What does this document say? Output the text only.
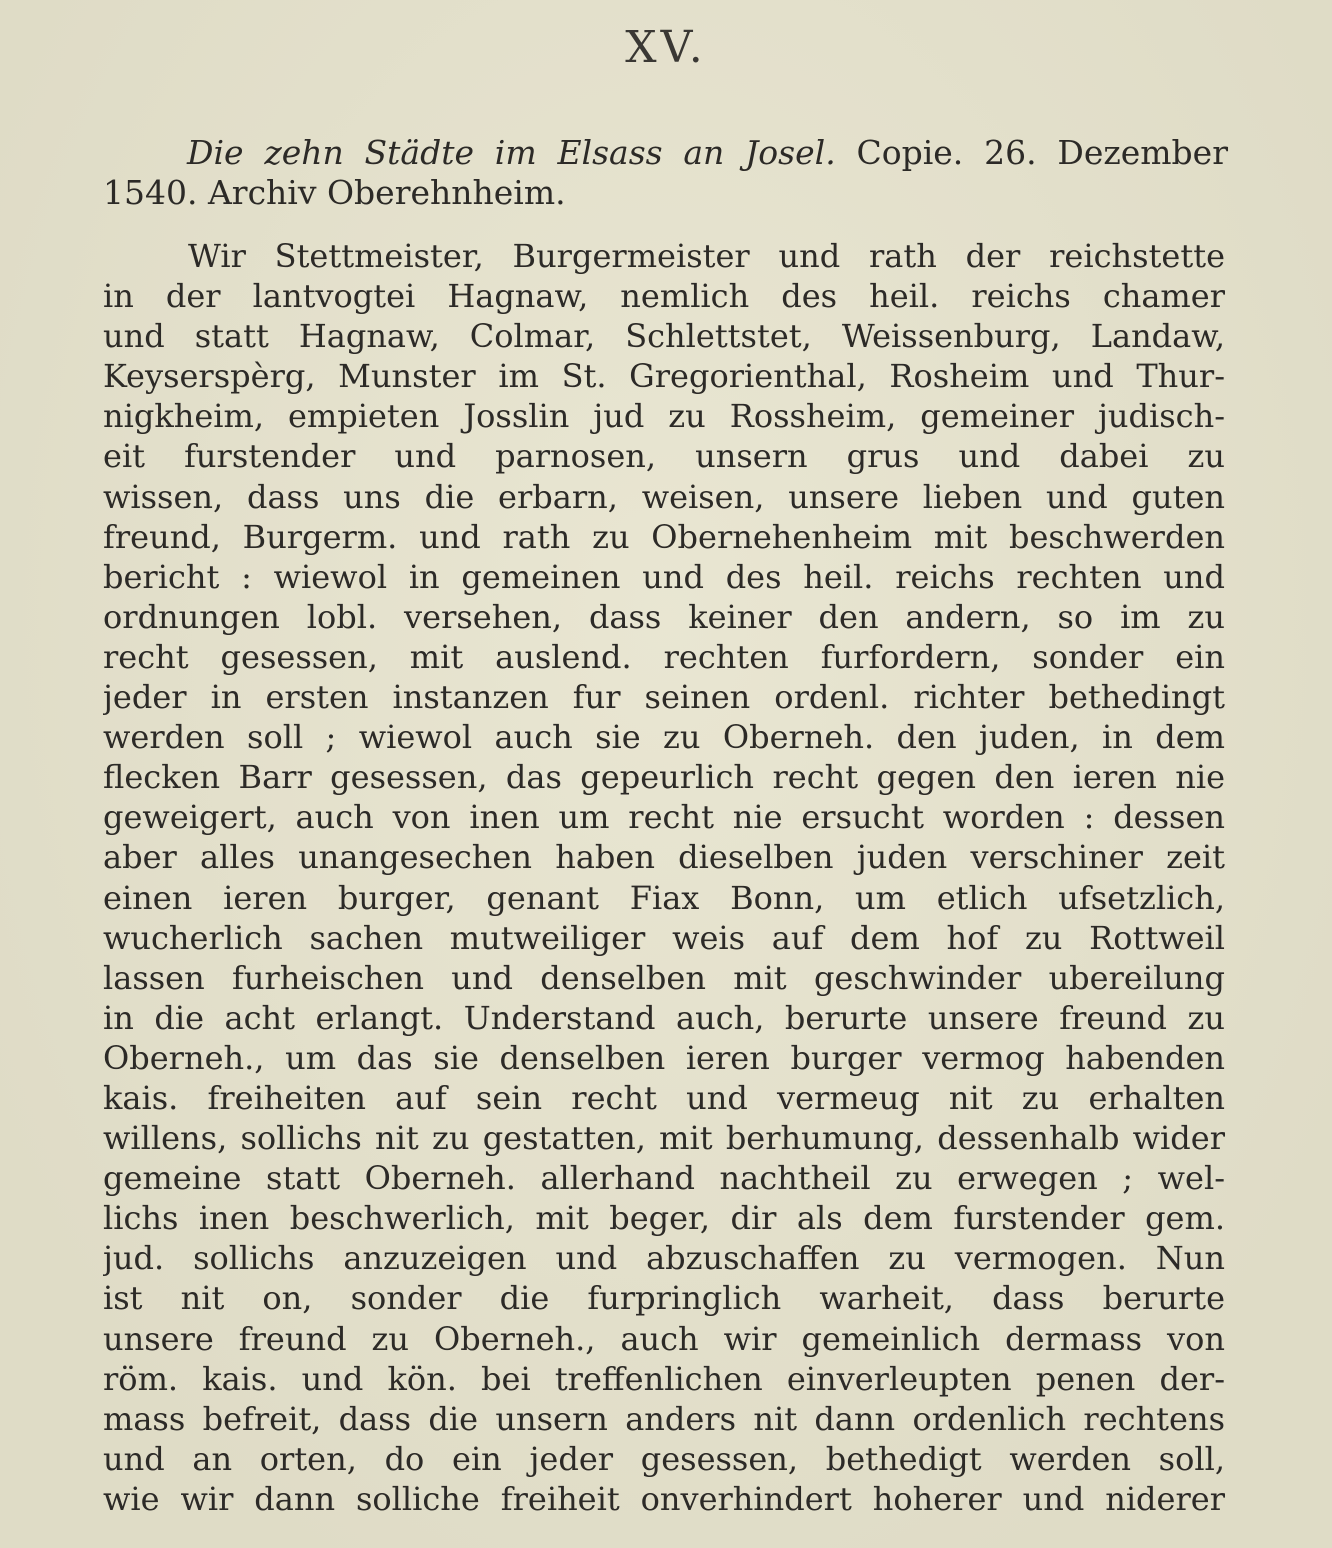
XV.
Die zehn Städte im Elsass an Josel. Copie. 26. Dezember
1540. Archiv Oberehnheim.
Wir Stettmeister, Burgermeister und rath der reichstette
in der lantvogtei Hagnaw, nemlich des heil. reichs chamer
und statt Hagnaw, Colmar, Schlettstet, Weissenburg, Landaw,
Keyserspèrg, Munster im St. Gregorienthal, Rosheim und Thur-
nigkheim, empieten Josslin jud zu Rossheim, gemeiner judisch-
eit furstender und parnosen, unsern grus und dabei zu
wissen, dass uns die erbarn, weisen, unsere lieben und guten
freund, Burgerm. und rath zu Obernehenheim mit beschwerden
bericht : wiewol in gemeinen und des heil. reichs rechten und
ordnungen lobl. versehen, dass keiner den andern, so im zu
recht gesessen, mit auslend. rechten furfordern, sonder ein
jeder in ersten instanzen fur seinen ordenl. richter bethedingt
werden soll ; wiewol auch sie zu Oberneh. den juden, in dem
flecken Barr gesessen, das gepeurlich recht gegen den ieren nie
geweigert, auch von inen um recht nie ersucht worden : dessen
aber alles unangesechen haben dieselben juden verschiner zeit
einen ieren burger, genant Fiax Bonn, um etlich ufsetzlich,
wucherlich sachen mutweiliger weis auf dem hof zu Rottweil
lassen furheischen und denselben mit geschwinder ubereilung
in die acht erlangt. Understand auch, berurte unsere freund zu
Oberneh., um das sie denselben ieren burger vermog habenden
kais. freiheiten auf sein recht und vermeug nit zu erhalten
willens, sollichs nit zu gestatten, mit berhumung, dessenhalb wider
gemeine statt Oberneh. allerhand nachtheil zu erwegen ; wel-
lichs inen beschwerlich, mit beger, dir als dem furstender gem.
jud. sollichs anzuzeigen und abzuschaffen zu vermogen. Nun
ist nit on, sonder die furpringlich warheit, dass berurte
unsere freund zu Oberneh., auch wir gemeinlich dermass von
röm. kais. und kön. bei treffenlichen einverleupten penen der-
mass befreit, dass die unsern anders nit dann ordenlich rechtens
und an orten, do ein jeder gesessen, bethedigt werden soll,
wie wir dann solliche freiheit onverhindert hoherer und niderer
